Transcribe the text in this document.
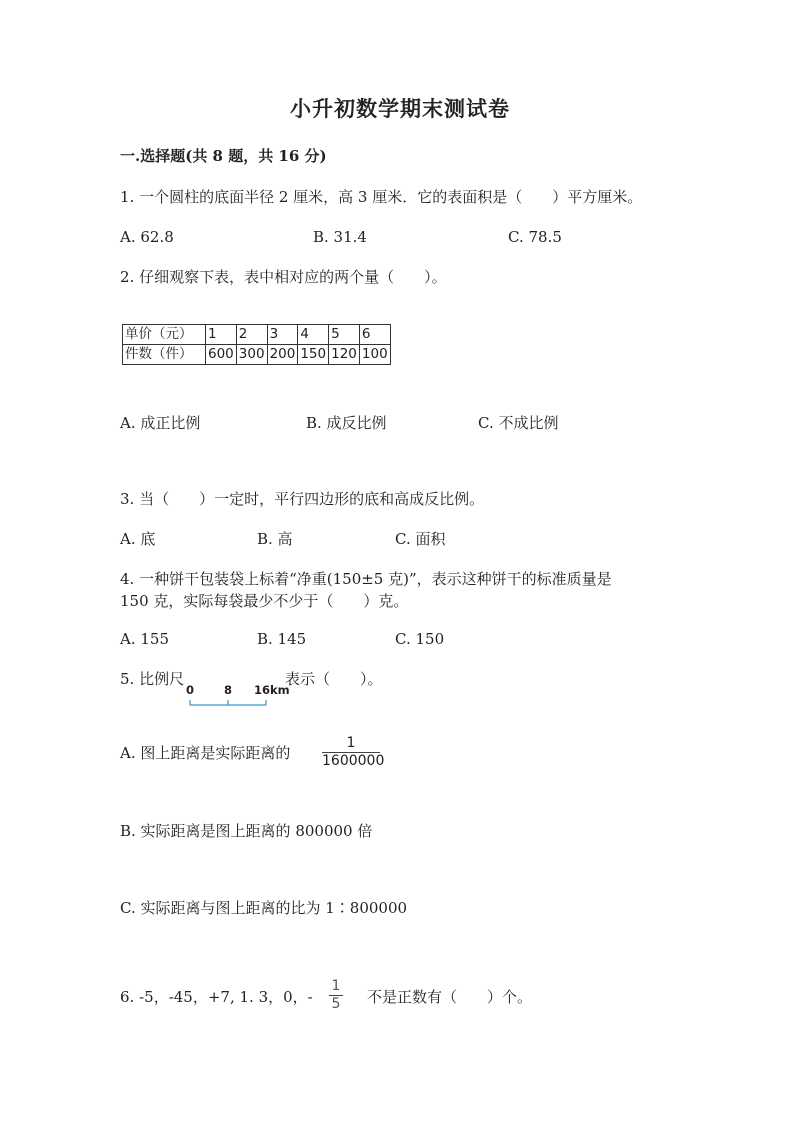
小升初数学期末测试卷
一.选择题(共 8 题，共 16 分)
1. 一个圆柱的底面半径 2 厘米，高 3 厘米．它的表面积是（　　）平方厘米。
A. 62.8	B. 31.4	C. 78.5
2. 仔细观察下表，表中相对应的两个量（　　）。
单价（元）	1	2	3	4	5	6
件数（件）	600	300	200	150	120	100
A. 成正比例	B. 成反比例	C. 不成比例
3. 当（　　）一定时，平行四边形的底和高成反比例。
A. 底	B. 高	C. 面积
4. 一种饼干包装袋上标着“净重(150±5 克)”，表示这种饼干的标准质量是
150 克，实际每袋最少不少于（　　）克。
A. 155	B. 145	C. 150
5. 比例尺
0	8 16km
表示（　　）。
A. 图上距离是实际距离的
1
1600000
B. 实际距离是图上距离的 800000 倍
C. 实际距离与图上距离的比为 1∶800000
6. -5，-45，+7, 1. 3，0，-
1
5 不是正数有（　　）个。
